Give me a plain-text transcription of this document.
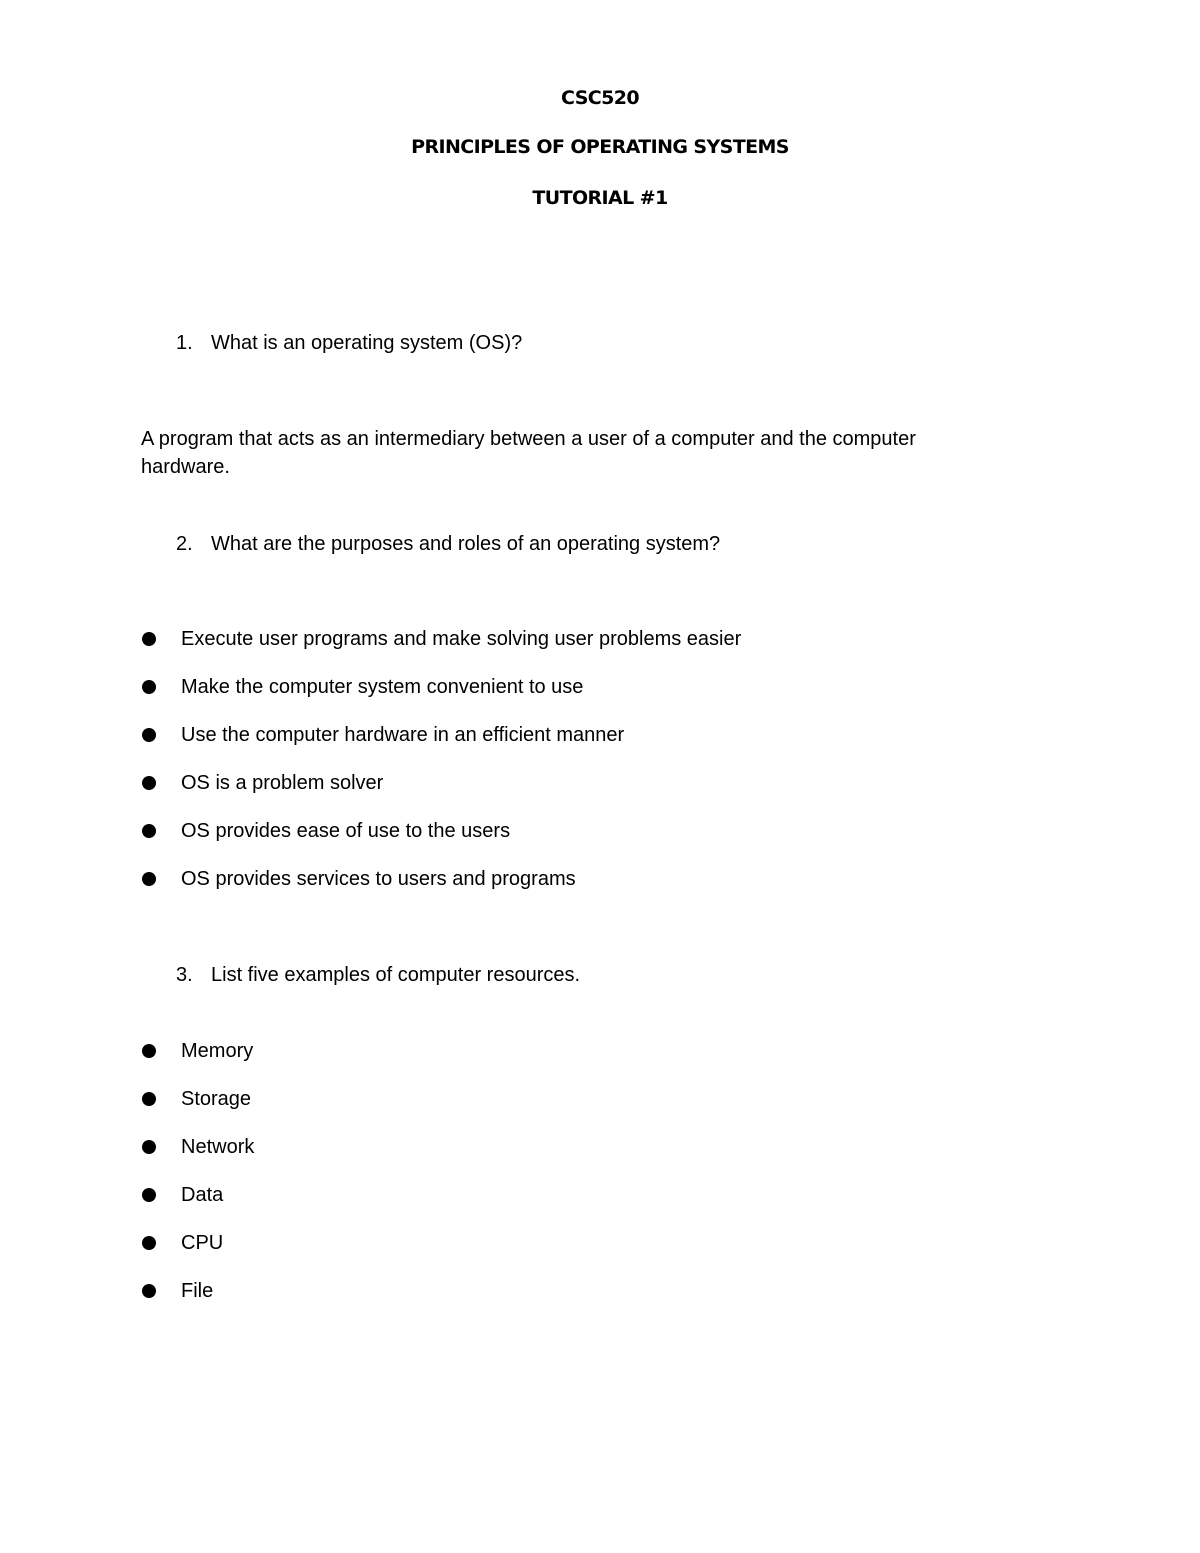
CSC520
PRINCIPLES OF OPERATING SYSTEMS
TUTORIAL #1
1. What is an operating system (OS)?
A program that acts as an intermediary between a user of a computer and the computer hardware.
2. What are the purposes and roles of an operating system?
Execute user programs and make solving user problems easier
Make the computer system convenient to use
Use the computer hardware in an efficient manner
OS is a problem solver
OS provides ease of use to the users
OS provides services to users and programs
3. List five examples of computer resources.
Memory
Storage
Network
Data
CPU
File
